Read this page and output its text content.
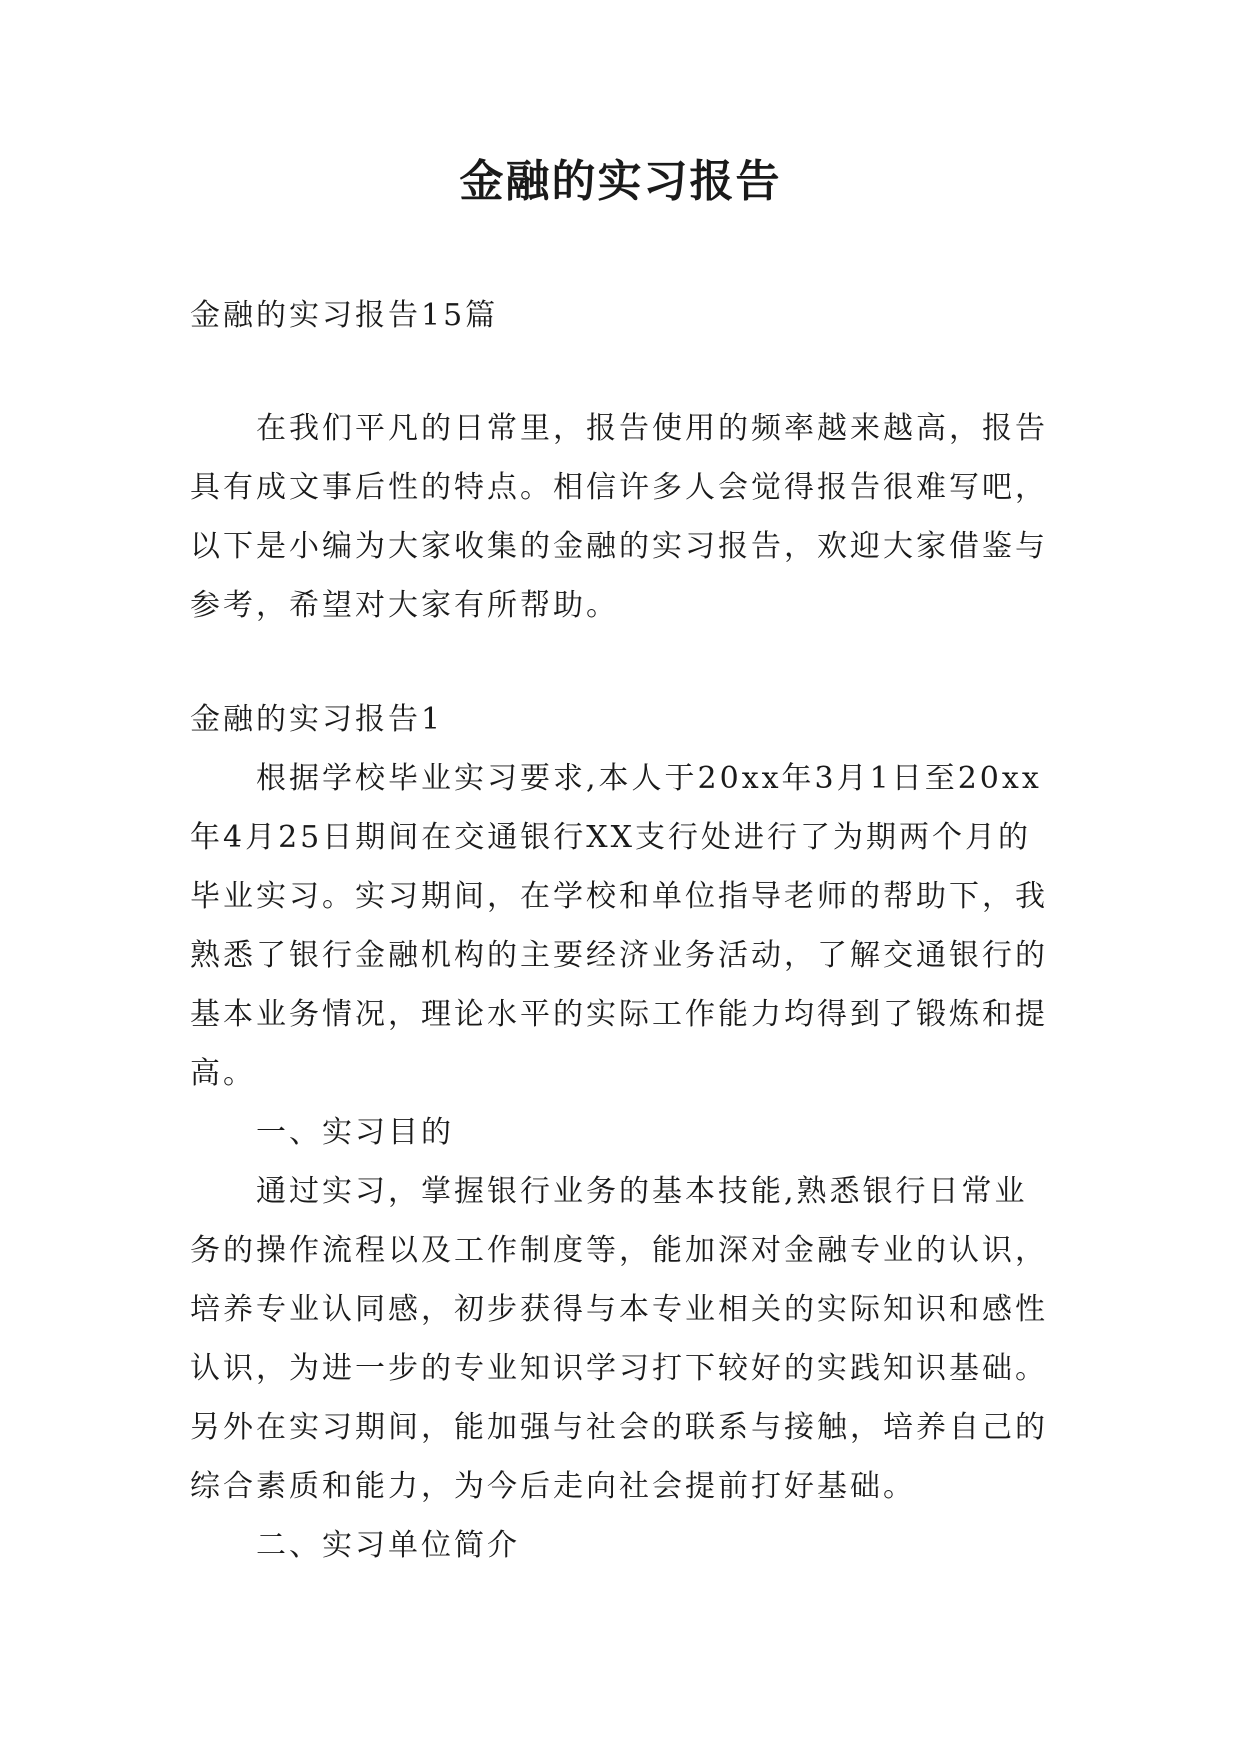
金融的实习报告

金融的实习报告15篇

在我们平凡的日常里，报告使用的频率越来越高，报告

具有成文事后性的特点。相信许多人会觉得报告很难写吧，

以下是小编为大家收集的金融的实习报告，欢迎大家借鉴与

参考，希望对大家有所帮助。

金融的实习报告1

根据学校毕业实习要求,本人于20xx年3月1日至20xx

年4月25日期间在交通银行XX支行处进行了为期两个月的

毕业实习。实习期间，在学校和单位指导老师的帮助下，我

熟悉了银行金融机构的主要经济业务活动，了解交通银行的

基本业务情况，理论水平的实际工作能力均得到了锻炼和提

高。

一、实习目的

通过实习，掌握银行业务的基本技能,熟悉银行日常业

务的操作流程以及工作制度等，能加深对金融专业的认识，

培养专业认同感，初步获得与本专业相关的实际知识和感性

认识，为进一步的专业知识学习打下较好的实践知识基础。

另外在实习期间，能加强与社会的联系与接触，培养自己的

综合素质和能力，为今后走向社会提前打好基础。

二、实习单位简介
